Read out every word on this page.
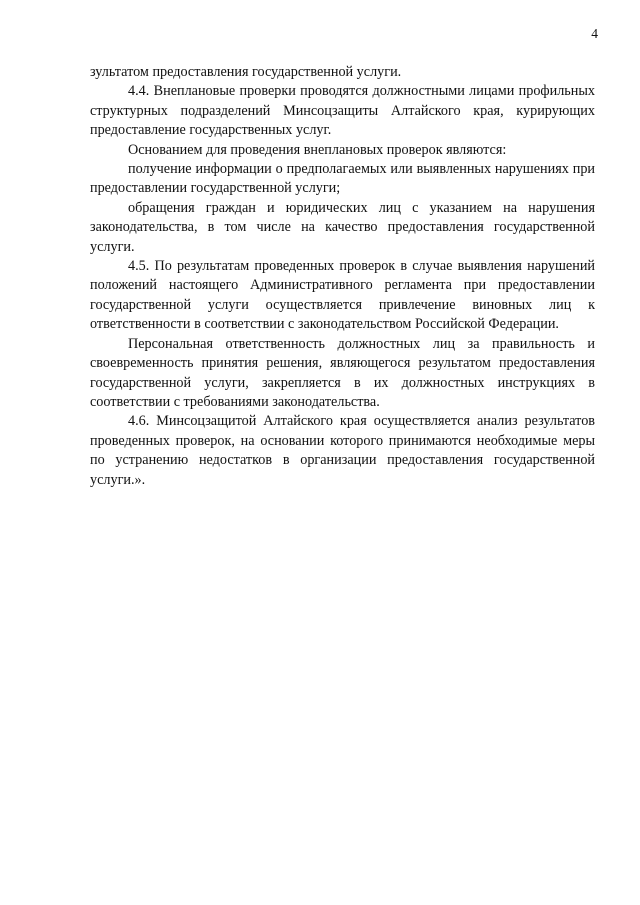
4

зультатом предоставления государственной услуги.

4.4. Внеплановые проверки проводятся должностными лицами профильных структурных подразделений Минсоцзащиты Алтайского края, курирующих предоставление государственных услуг.

Основанием для проведения внеплановых проверок являются:

получение информации о предполагаемых или выявленных нарушениях при предоставлении государственной услуги;

обращения граждан и юридических лиц с указанием на нарушения законодательства, в том числе на качество предоставления государственной услуги.

4.5. По результатам проведенных проверок в случае выявления нарушений положений настоящего Административного регламента при предоставлении государственной услуги осуществляется привлечение виновных лиц к ответственности в соответствии с законодательством Российской Федерации.

Персональная ответственность должностных лиц за правильность и своевременность принятия решения, являющегося результатом предоставления государственной услуги, закрепляется в их должностных инструкциях в соответствии с требованиями законодательства.

4.6. Минсоцзащитой Алтайского края осуществляется анализ результатов проведенных проверок, на основании которого принимаются необходимые меры по устранению недостатков в организации предоставления государственной услуги.».
